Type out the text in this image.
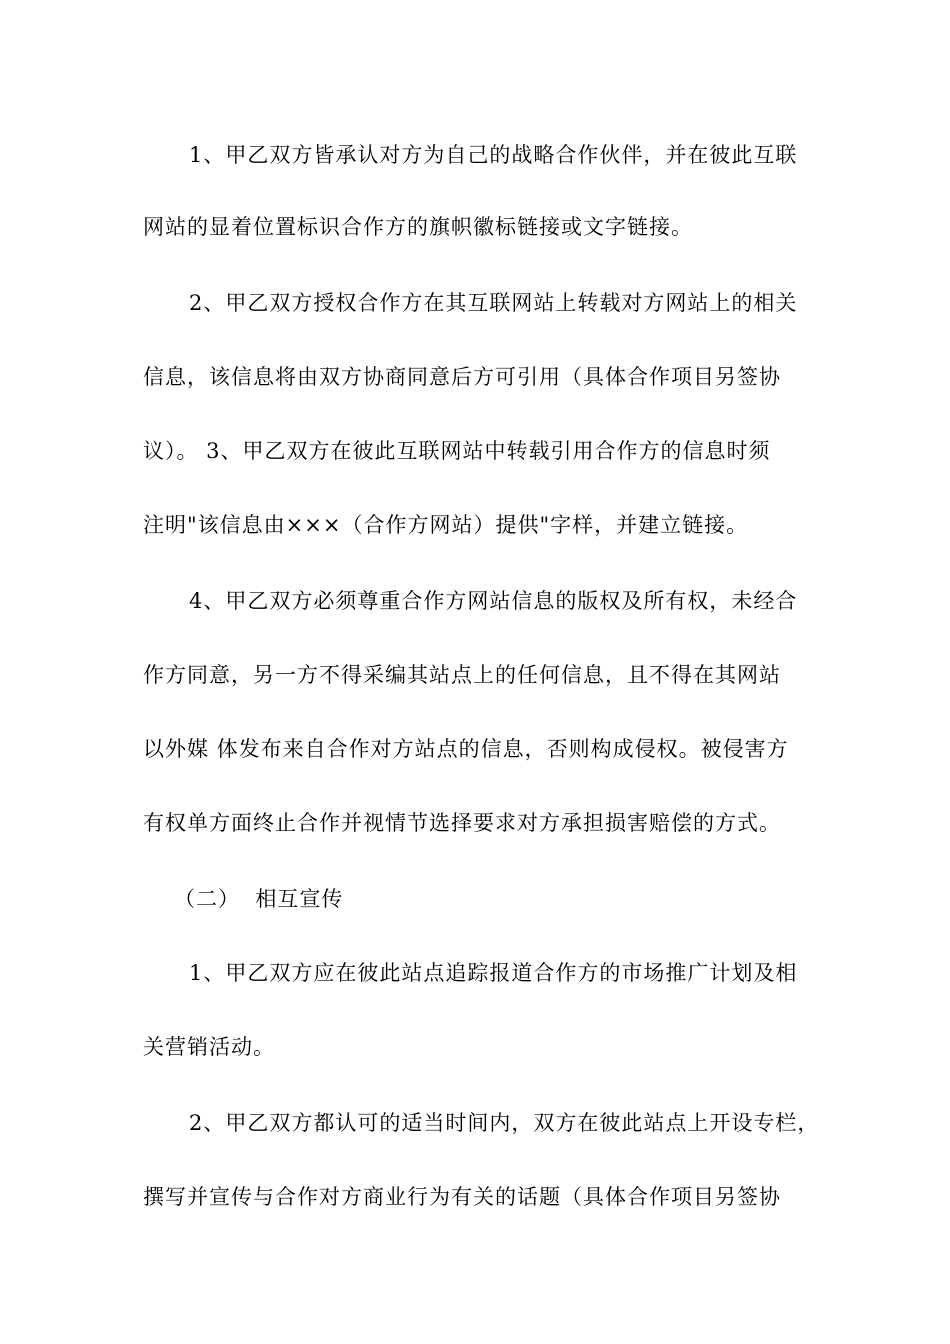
1、甲乙双方皆承认对方为自己的战略合作伙伴，并在彼此互联
网站的显着位置标识合作方的旗帜徽标链接或文字链接。
2、甲乙双方授权合作方在其互联网站上转载对方网站上的相关
信息，该信息将由双方协商同意后方可引用（具体合作项目另签协
议）。 3、甲乙双方在彼此互联网站中转载引用合作方的信息时须
注明"该信息由×××（合作方网站）提供"字样，并建立链接。
4、甲乙双方必须尊重合作方网站信息的版权及所有权，未经合
作方同意，另一方不得采编其站点上的任何信息，且不得在其网站
以外媒 体发布来自合作对方站点的信息，否则构成侵权。被侵害方
有权单方面终止合作并视情节选择要求对方承担损害赔偿的方式。
（二）  相互宣传
1、甲乙双方应在彼此站点追踪报道合作方的市场推广计划及相
关营销活动。
2、甲乙双方都认可的适当时间内，双方在彼此站点上开设专栏，
撰写并宣传与合作对方商业行为有关的话题（具体合作项目另签协
